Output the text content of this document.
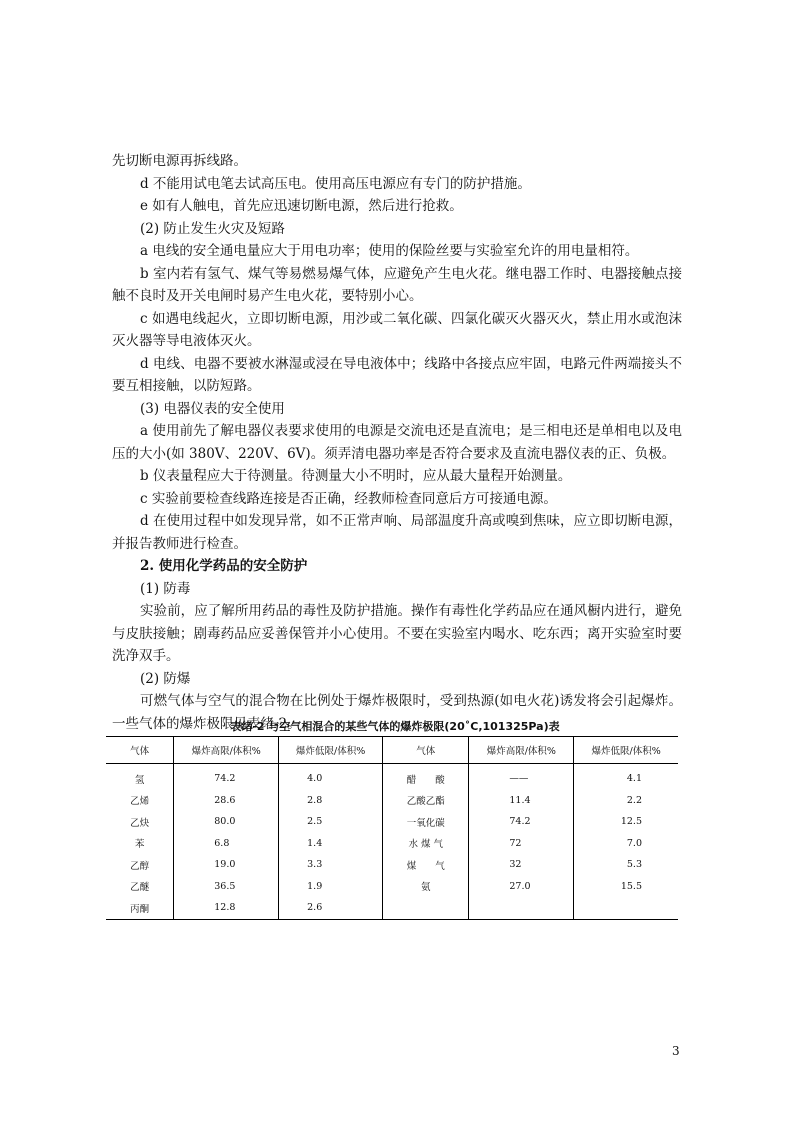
先切断电源再拆线路。

d 不能用试电笔去试高压电。使用高压电源应有专门的防护措施。

e 如有人触电，首先应迅速切断电源，然后进行抢救。

(2) 防止发生火灾及短路

a 电线的安全通电量应大于用电功率；使用的保险丝要与实验室允许的用电量相符。

b 室内若有氢气、煤气等易燃易爆气体，应避免产生电火花。继电器工作时、电器接触点接触不良时及开关电闸时易产生电火花，要特别小心。

c 如遇电线起火，立即切断电源，用沙或二氧化碳、四氯化碳灭火器灭火，禁止用水或泡沫灭火器等导电液体灭火。

d 电线、电器不要被水淋湿或浸在导电液体中；线路中各接点应牢固，电路元件两端接头不要互相接触，以防短路。

(3) 电器仪表的安全使用

a 使用前先了解电器仪表要求使用的电源是交流电还是直流电；是三相电还是单相电以及电压的大小(如 380V、220V、6V)。须弄清电器功率是否符合要求及直流电器仪表的正、负极。

b 仪表量程应大于待测量。待测量大小不明时，应从最大量程开始测量。

c 实验前要检查线路连接是否正确，经教师检查同意后方可接通电源。

d 在使用过程中如发现异常，如不正常声响、局部温度升高或嗅到焦味，应立即切断电源，并报告教师进行检查。

2. 使用化学药品的安全防护

(1) 防毒

实验前，应了解所用药品的毒性及防护措施。操作有毒性化学药品应在通风橱内进行，避免与皮肤接触；剧毒药品应妥善保管并小心使用。不要在实验室内喝水、吃东西；离开实验室时要洗净双手。

(2) 防爆

可燃气体与空气的混合物在比例处于爆炸极限时，受到热源(如电火花)诱发将会引起爆炸。一些气体的爆炸极限见表绪-2。

表绪-2 与空气相混合的某些气体的爆炸极限(20˚C,101325Pa)表
气体	爆炸高限/体积%	爆炸低限/体积%	气体	爆炸高限/体积%	爆炸低限/体积%
氢	74.2	4.0	醋　　酸	——	4.1
乙烯	28.6	2.8	乙酸乙酯	11.4	2.2
乙炔	80.0	2.5	一氧化碳	74.2	12.5
苯	6.8	1.4	水 煤 气	72	7.0
乙醇	19.0	3.3	煤　　气	32	5.3
乙醚	36.5	1.9	氨	27.0	15.5
丙酮	12.8	2.6			
3
